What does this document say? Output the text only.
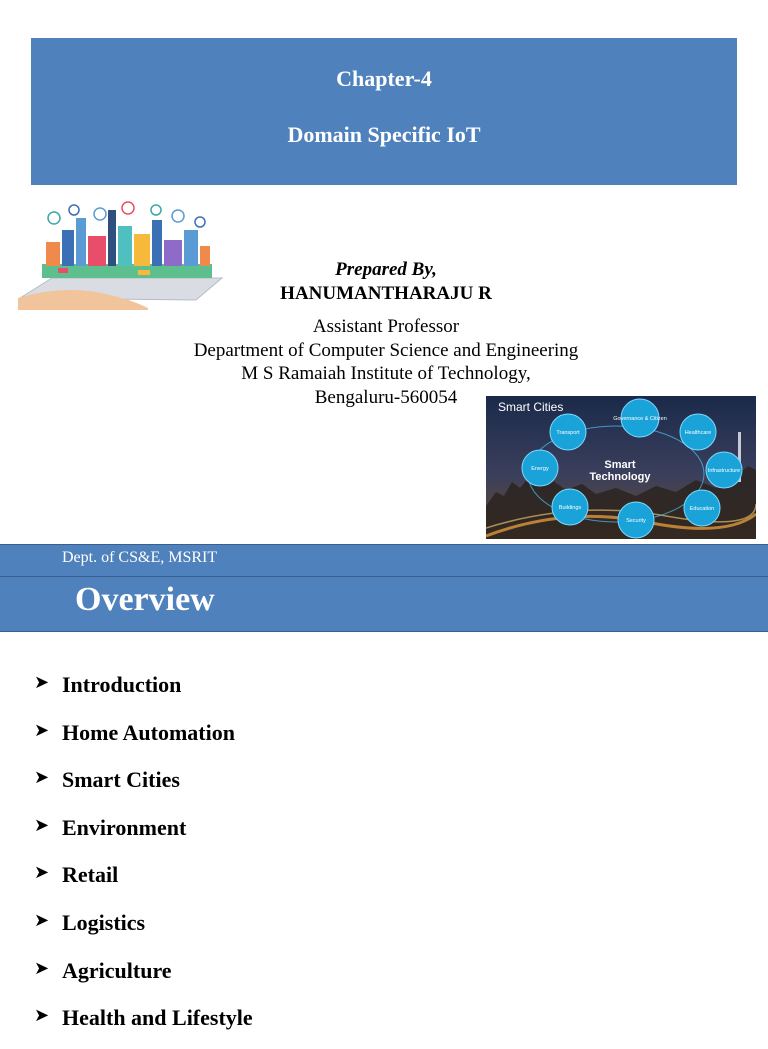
Chapter-4
Domain Specific IoT
Prepared By,
HANUMANTHARAJU R
Assistant Professor
Department of Computer Science and Engineering
M S Ramaiah Institute of Technology,
Bengaluru-560054	Smart Cities
Smart
Technology
Governance & Citizen
Healthcare
Infrastructure
Education
Security
Buildings
Energy
Transport
Dept. of CS&E, MSRIT
Overview
➤ Introduction
➤ Home Automation
➤ Smart Cities
➤ Environment
➤ Retail
➤ Logistics
➤ Agriculture
➤ Health and Lifestyle
